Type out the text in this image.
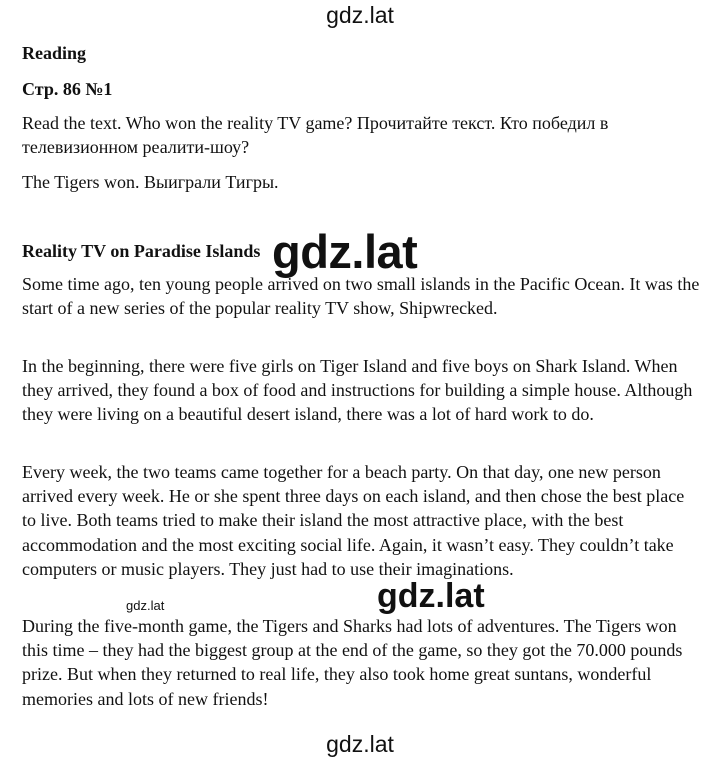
Reading
Стр. 86 №1

Read the text. Who won the reality TV game? Прочитайте текст. Кто победил в телевизионном реалити-шоу?

The Tigers won. Выиграли Тигры.

Reality TV on Paradise Islands

Some time ago, ten young people arrived on two small islands in the Pacific Ocean. It was the start of a new series of the popular reality TV show, Shipwrecked.

In the beginning, there were five girls on Tiger Island and five boys on Shark Island. When they arrived, they found a box of food and instructions for building a simple house. Although they were living on a beautiful desert island, there was a lot of hard work to do.

Every week, the two teams came together for a beach party. On that day, one new person arrived every week. He or she spent three days on each island, and then chose the best place to live. Both teams tried to make their island the most attractive place, with the best accommodation and the most exciting social life. Again, it wasn’t easy. They couldn’t take computers or music players. They just had to use their imaginations.

During the five-month game, the Tigers and Sharks had lots of adventures. The Tigers won this time – they had the biggest group at the end of the game, so they got the 70.000 pounds prize. But when they returned to real life, they also took home great suntans, wonderful memories and lots of new friends!

gdz.lat
gdz.lat
gdz.lat
gdz.lat
gdz.lat
